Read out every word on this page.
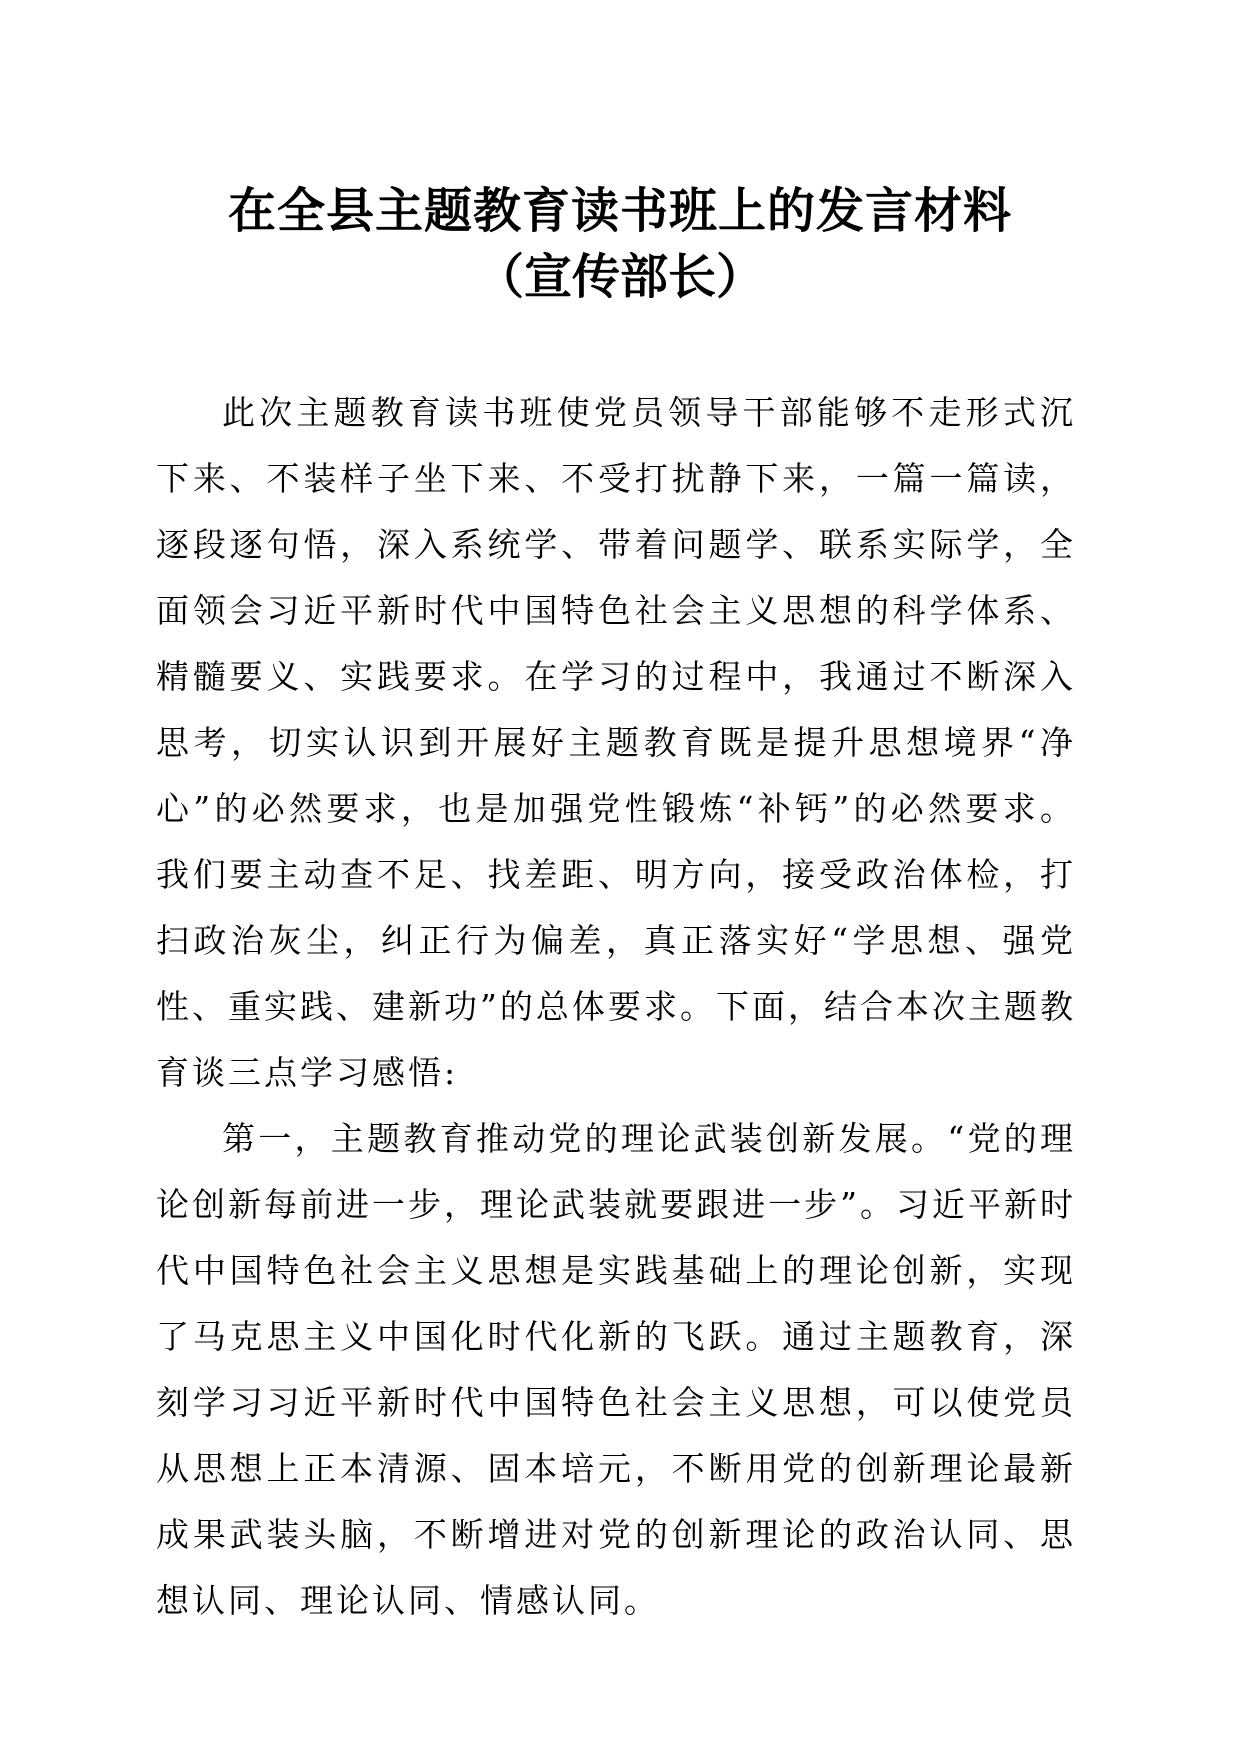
在全县主题教育读书班上的发言材料
（宣传部长）

此次主题教育读书班使党员领导干部能够不走形式沉下来、不装样子坐下来、不受打扰静下来，一篇一篇读，逐段逐句悟，深入系统学、带着问题学、联系实际学，全面领会习近平新时代中国特色社会主义思想的科学体系、精髓要义、实践要求。在学习的过程中，我通过不断深入思考，切实认识到开展好主题教育既是提升思想境界“净心”的必然要求，也是加强党性锻炼“补钙”的必然要求。我们要主动查不足、找差距、明方向，接受政治体检，打扫政治灰尘，纠正行为偏差，真正落实好“学思想、强党性、重实践、建新功”的总体要求。下面，结合本次主题教育谈三点学习感悟:

第一，主题教育推动党的理论武装创新发展。“党的理论创新每前进一步，理论武装就要跟进一步”。习近平新时代中国特色社会主义思想是实践基础上的理论创新，实现了马克思主义中国化时代化新的飞跃。通过主题教育，深刻学习习近平新时代中国特色社会主义思想，可以使党员从思想上正本清源、固本培元，不断用党的创新理论最新成果武装头脑，不断增进对党的创新理论的政治认同、思想认同、理论认同、情感认同。
